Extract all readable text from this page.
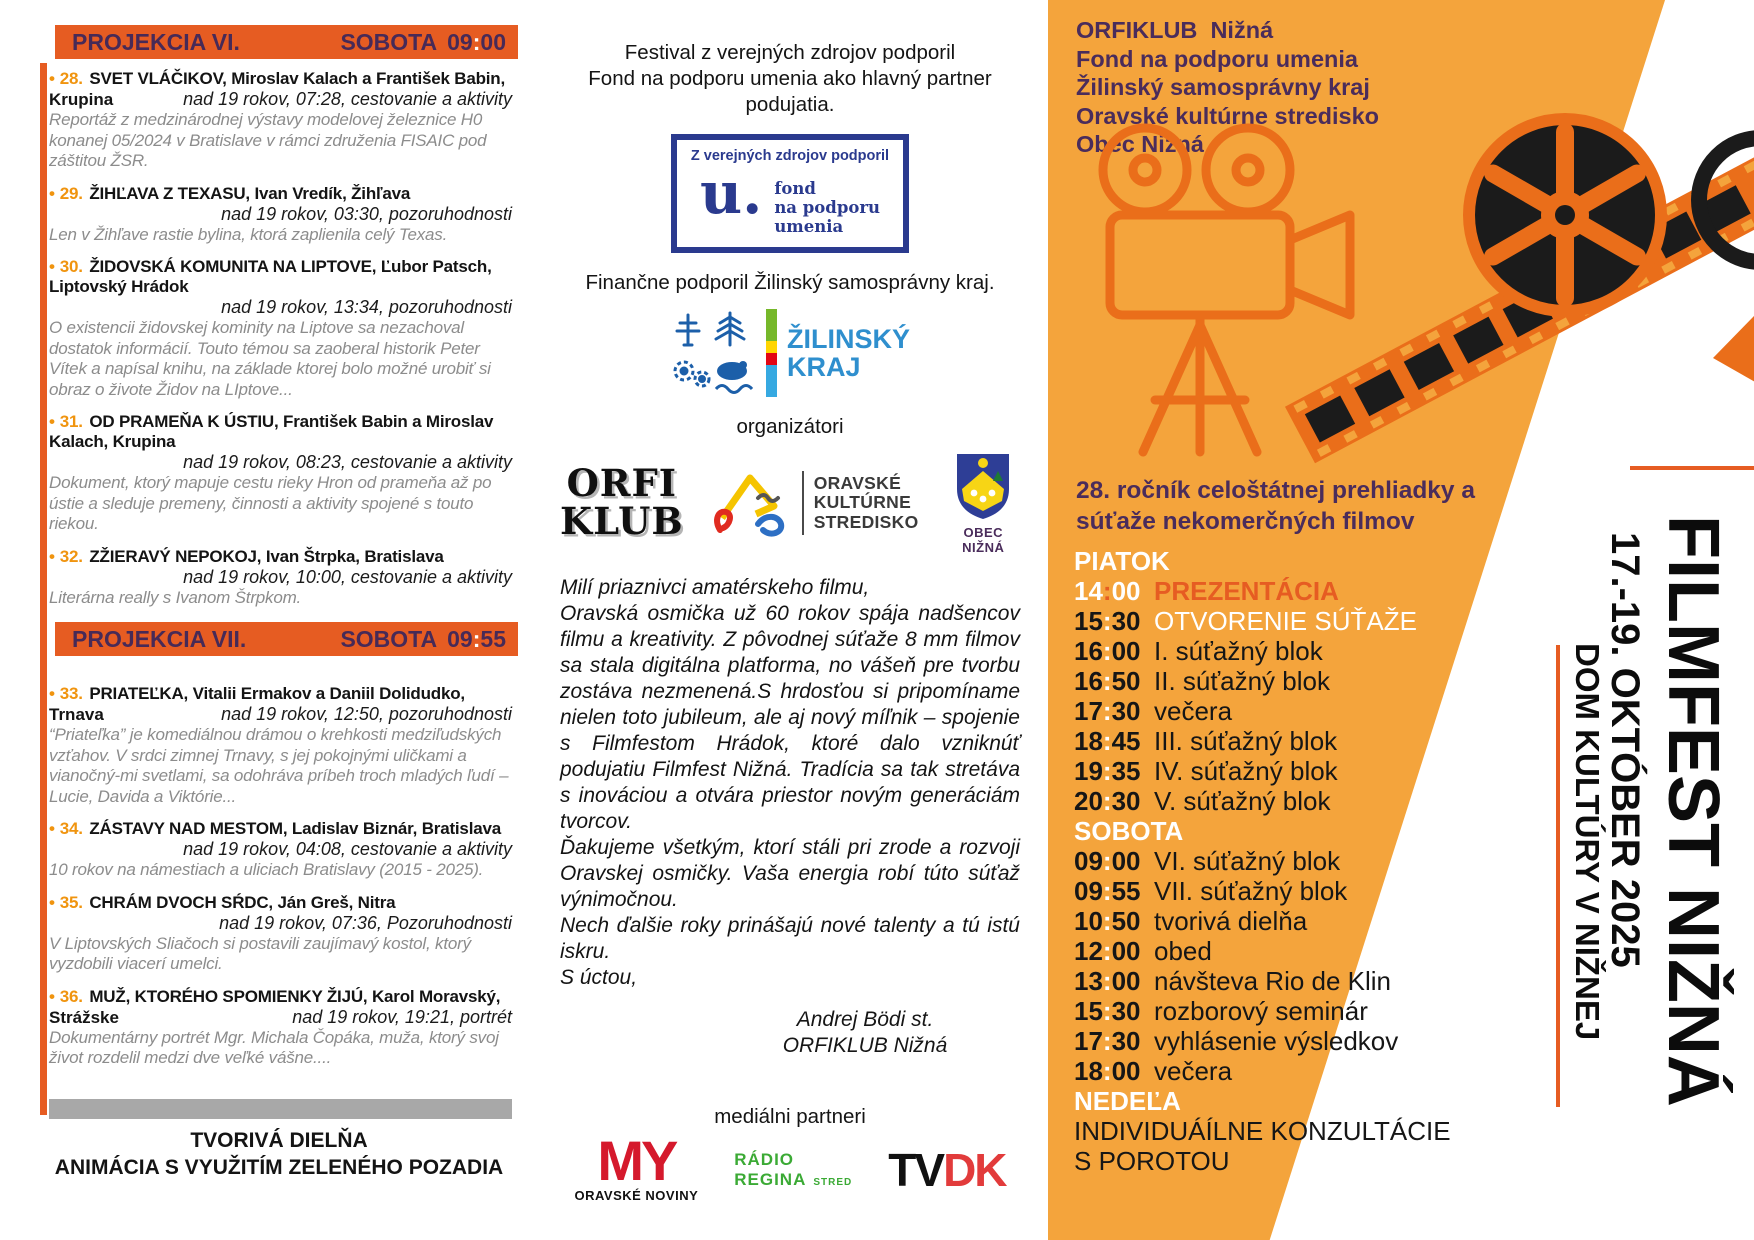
PROJEKCIA VI.	SOBOTA 09:00

• 28. SVET VLÁČIKOV, Miroslav Kalach a František Babin,

Krupina	nad 19 rokov, 07:28, cestovanie a aktivity

Reportáž z medzinárodnej výstavy modelovej železnice H0 konanej 05/2024 v Bratislave v rámci združenia FISAIC pod záštitou ŽSR.

• 29. ŽIHĽAVA Z TEXASU, Ivan Vredík, Žihľava

nad 19 rokov, 03:30, pozoruhodnosti

Len v Žihľave rastie bylina, ktorá zaplienila celý Texas.

• 30. ŽIDOVSKÁ KOMUNITA NA LIPTOVE, Ľubor Patsch, Liptovský Hrádok

nad 19 rokov, 13:34, pozoruhodnosti

O existencii židovskej kominity na Liptove sa nezachoval dostatok informácií. Touto témou sa zaoberal historik Peter Vítek a napísal knihu, na základe ktorej bolo možné urobiť si obraz o živote Židov na LIptove...

• 31. OD PRAMEŇA K ÚSTIU, František Babin a Miroslav Kalach, Krupina

nad 19 rokov, 08:23, cestovanie a aktivity

Dokument, ktorý mapuje cestu rieky Hron od prameňa až po ústie a sleduje premeny, činnosti a aktivity spojené s touto riekou.

• 32. ZŽIERAVÝ NEPOKOJ, Ivan Štrpka, Bratislava

nad 19 rokov, 10:00, cestovanie a aktivity

Literárna really s Ivanom Štrpkom.

PROJEKCIA VII.	SOBOTA 09:55

• 33. PRIATEĽKA, Vitalii Ermakov a Daniil Dolidudko,

Trnava	nad 19 rokov, 12:50, pozoruhodnosti

“Priateľka” je komediálnou drámou o krehkosti medziľudských vzťahov. V srdci zimnej Trnavy, s jej pokojnými uličkami a vianočný-mi svetlami, sa odohráva príbeh troch mladých ľudí – Lucie, Davida a Viktórie...

• 34. ZÁSTAVY NAD MESTOM, Ladislav Biznár, Bratislava

nad 19 rokov, 04:08, cestovanie a aktivity

10 rokov na námestiach a uliciach Bratislavy (2015 - 2025).

• 35. CHRÁM DVOCH SŔDC, Ján Greš, Nitra

nad 19 rokov, 07:36, Pozoruhodnosti

V Liptovských Sliačoch si postavili zaujímavý kostol, ktorý vyzdobili viacerí umelci.

• 36. MUŽ, KTORÉHO SPOMIENKY ŽIJÚ, Karol Moravský,

Strážske	nad 19 rokov, 19:21, portrét

Dokumentárny portrét Mgr. Michala Čopáka, muža, ktorý svoj život rozdelil medzi dve veľké vášne....

TVORIVÁ DIELŇA
ANIMÁCIA S VYUŽITÍM ZELENÉHO POZADIA
Festival z verejných zdrojov podporil
Fond na podporu umenia ako hlavný partner podujatia.
Z verejných zdrojov podporil
u. fond
na podporu
umenia
Finančne podporil Žilinský samosprávny kraj.
ŽILINSKÝ
KRAJ
organizátori
ORFI
KLUB
ORAVSKÉ
KULTÚRNE
STREDISKO
OBEC NIŽNÁ

Milí priaznivci amatérskeho filmu,

Oravská osmička už 60 rokov spája nadšencov filmu a kreativity. Z pôvodnej súťaže 8 mm filmov sa stala digitálna platforma, no vášeň pre tvorbu zostáva nezmenená.S hrdosťou si pripomíname nielen toto jubileum, ale aj nový míľnik – spojenie s Filmfestom Hrádok, ktoré dalo vzniknúť podujatiu Filmfest Nižná. Tradícia sa tak stretáva s inováciou a otvára priestor novým generáciám tvorcov.

Ďakujeme všetkým, ktorí stáli pri zrode a rozvoji Oravskej osmičky. Vaša energia robí túto súťaž výnimočnou.

Nech ďalšie roky prinášajú nové talenty a tú istú iskru.

S úctou,

Andrej Bödi st.
ORFIKLUB Nižná
mediálni partneri
MY
ORAVSKÉ NOVINY
RÁDIO
REGINA STRED TVDK
ORFIKLUB  Nižná
Fond na podporu umenia
Žilinský samosprávny kraj
Oravské kultúrne stredisko
Obec Nižná
28. ročník celoštátnej prehliadky a súťaže nekomerčných filmov
PIATOK
14:00 PREZENTÁCIA
15:30 OTVORENIE SÚŤAŽE
16:00 I. súťažný blok
16:50 II. súťažný blok
17:30 večera
18:45 III. súťažný blok
19:35 IV. súťažný blok
20:30 V. súťažný blok
SOBOTA
09:00 VI. súťažný blok
09:55 VII. súťažný blok
10:50 tvorivá dielňa
12:00 obed
13:00 návšteva Rio de Klin
15:30 rozborový seminár
17:30 vyhlásenie výsledkov
18:00 večera
NEDEĽA
INDIVIDUÁÍLNE KONZULTÁCIE
S POROTOU
FILMFEST NIŽNÁ
17.-19. OKTÓBER 2025
DOM KULTÚRY V NIŽNEJ
